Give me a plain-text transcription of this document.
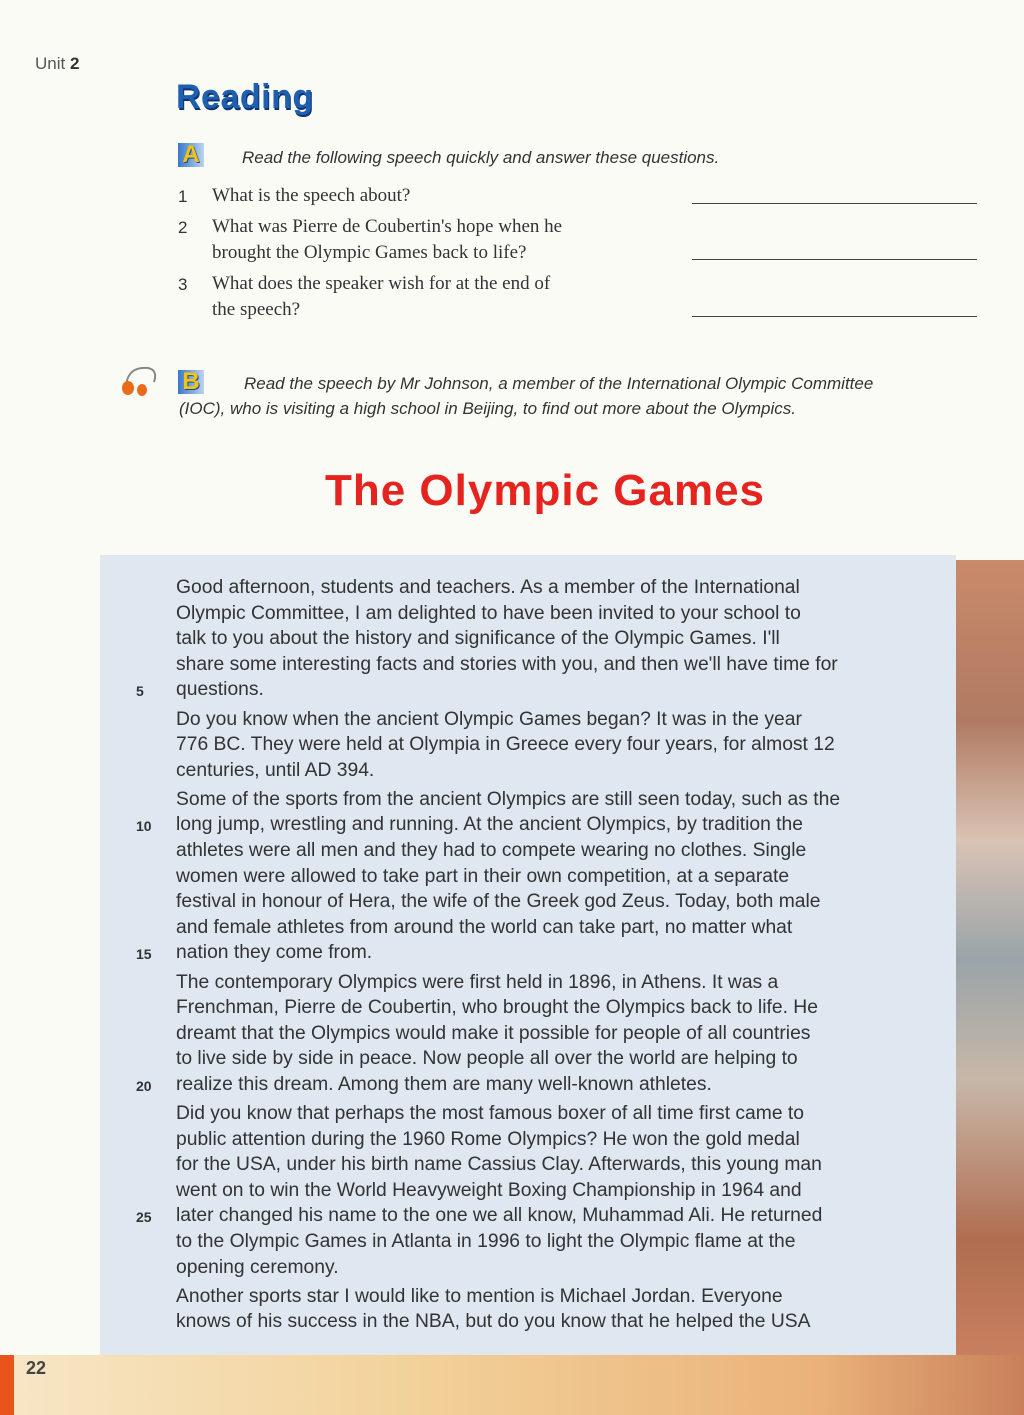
Unit 2
Reading
A Read the following speech quickly and answer these questions.
1 What is the speech about?
2 What was Pierre de Coubertin's hope when he
brought the Olympic Games back to life?
3 What does the speaker wish for at the end of
the speech?
B	Read the speech by Mr Johnson, a member of the International Olympic Committee
(IOC), who is visiting a high school in Beijing, to find out more about the Olympics.
The Olympic Games
Good afternoon, students and teachers. As a member of the International
Olympic Committee, I am delighted to have been invited to your school to
talk to you about the history and significance of the Olympic Games. I'll
share some interesting facts and stories with you, and then we'll have time for
questions.
5
Do you know when the ancient Olympic Games began? It was in the year
776 BC. They were held at Olympia in Greece every four years, for almost 12
centuries, until AD 394.
Some of the sports from the ancient Olympics are still seen today, such as the
long jump, wrestling and running. At the ancient Olympics, by tradition the
10
athletes were all men and they had to compete wearing no clothes. Single
women were allowed to take part in their own competition, at a separate
festival in honour of Hera, the wife of the Greek god Zeus. Today, both male
and female athletes from around the world can take part, no matter what
nation they come from.
15
The contemporary Olympics were first held in 1896, in Athens. It was a
Frenchman, Pierre de Coubertin, who brought the Olympics back to life. He
dreamt that the Olympics would make it possible for people of all countries
to live side by side in peace. Now people all over the world are helping to
realize this dream. Among them are many well-known athletes.
20
Did you know that perhaps the most famous boxer of all time first came to
public attention during the 1960 Rome Olympics? He won the gold medal
for the USA, under his birth name Cassius Clay. Afterwards, this young man
went on to win the World Heavyweight Boxing Championship in 1964 and
later changed his name to the one we all know, Muhammad Ali. He returned
25
to the Olympic Games in Atlanta in 1996 to light the Olympic flame at the
opening ceremony.
Another sports star I would like to mention is Michael Jordan. Everyone
knows of his success in the NBA, but do you know that he helped the USA
22
